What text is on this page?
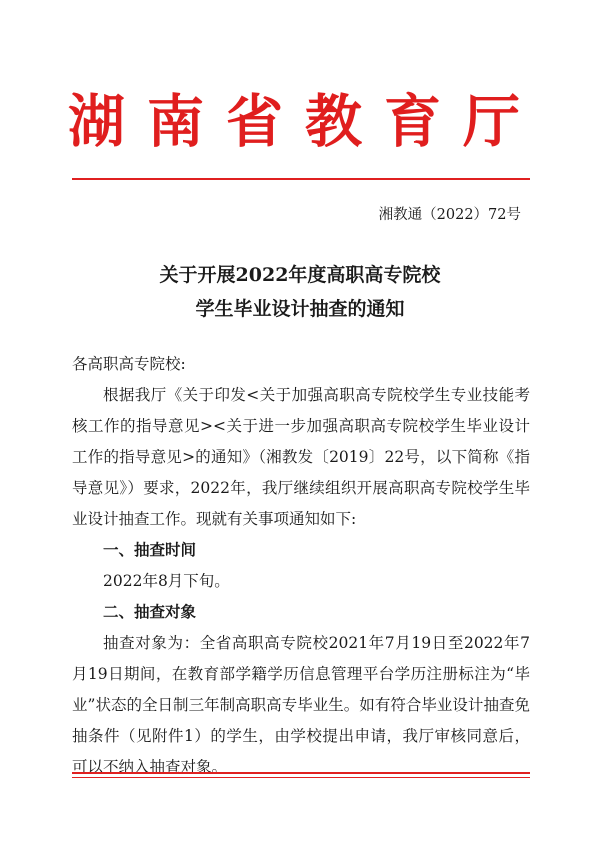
湖南省教育厅
湘教通（2022）72号
关于开展2022年度高职高专院校
学生毕业设计抽查的通知

各高职高专院校:

根据我厅《关于印发<关于加强高职高专院校学生专业技能考核工作的指导意见><关于进一步加强高职高专院校学生毕业设计工作的指导意见>的通知》（湘教发〔2019〕22号，以下简称《指导意见》）要求，2022年，我厅继续组织开展高职高专院校学生毕业设计抽查工作。现就有关事项通知如下:

一、抽查时间

2022年8月下旬。

二、抽查对象

抽查对象为：全省高职高专院校2021年7月19日至2022年7月19日期间，在教育部学籍学历信息管理平台学历注册标注为“毕业”状态的全日制三年制高职高专毕业生。如有符合毕业设计抽查免抽条件（见附件1）的学生，由学校提出申请，我厅审核同意后，可以不纳入抽查对象。
